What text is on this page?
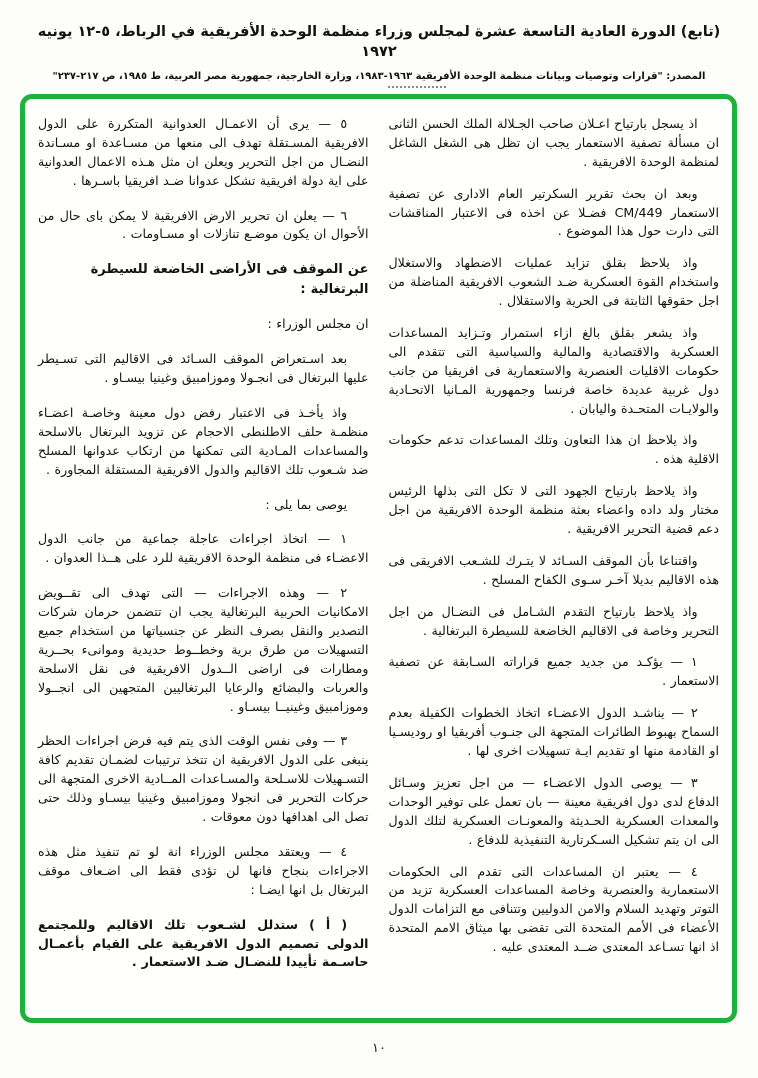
(تابع) الدورة العادية التاسعة عشرة لمجلس وزراء منظمة الوحدة الأفريقية في الرباط، ٥-١٢ يونيه ١٩٧٢
المصدر: "قرارات وتوصيات وبيانات منظمة الوحدة الأفريقية ١٩٦٣-١٩٨٣، وزارة الخارجية، جمهورية مصر العربية، ط ١٩٨٥، ص ٢١٧-٢٣٧"

اذ يسجل بارتياح اعـلان صاحب الجـلالة الملك الحسن الثانى ان مسألة تصفية الاستعمار يجب ان تظل هى الشغل الشاغل لمنظمة الوحدة الافريقية .

وبعد ان بحث تقرير السكرتير العام الادارى عن تصفية الاستعمار CM/449 فضـلا عن اخذه فى الاعتبار المناقشات التى دارت حول هذا الموضوع .

واذ يلاحظ بقلق تزايد عمليات الاضطهاد والاستغلال واستخدام القوة العسكرية ضـد الشعوب الافريقية المناضلة من اجل حقوقها الثابتة فى الحرية والاستقلال .

واذ يشعر بقلق بالغ ازاء استمرار وتـزايد المساعدات العسكرية والاقتصادية والمالية والسياسية التى تتقدم الى حكومات الاقليات العنصرية والاستعمارية فى افريقيا من جانب دول غربية عديدة خاصة فرنسا وجمهورية المـانيا الاتحـادية والولايـات المتحـدة واليابان .

واذ يلاحظ ان هذا التعاون وتلك المساعدات تدعم حكومات الاقلية هذه .

واذ يلاحظ بارتياح الجهود التى لا تكل التى بذلها الرئيس مختار ولد داده واعضاء بعثة منظمة الوحدة الافريقية من اجل دعم قضية التحرير الافريقية .

واقتناعا بأن الموقف السـائد لا يتـرك للشـعب الافريقى فى هذه الاقاليم بديلا آخـر سـوى الكفاح المسلح .

واذ يلاحظ بارتياح التقدم الشـامل فى النضـال من اجل التحرير وخاصة فى الاقاليم الخاضعة للسيطرة البرتغالية .

١ — يؤكـد من جديد جميع قراراته السـابقة عن تصفية الاستعمار .

٢ — يناشـد الدول الاعضـاء اتخاذ الخطوات الكفيلة بعدم السماح بهبوط الطائرات المتجهة الى جنـوب أفريقيا او روديسـيا او القادمة منها او تقديم ايـة تسهيلات اخرى لها .

٣ — يوصى الدول الاعضـاء — من اجل تعزيز وسـائل الدفاع لدى دول افريقية معينة — بان تعمل على توفير الوحدات والمعدات العسكرية الحـديثة والمعونـات العسكرية لتلك الدول الى ان يتم تشكيل السـكرتارية التنفيذية للدفاع .

٤ — يعتبر ان المساعدات التى تقدم الى الحكومات الاستعمارية والعنصرية وخاصة المساعدات العسكرية تزيد من التوتر وتهديد السلام والامن الدوليين وتتنافى مع التزامات الدول الأعضاء فى الأمم المتحدة التى تقضى بها ميثاق الامم المتحدة اذ انها تسـاعد المعتدى ضــد المعتدى عليه .

٥ — يرى أن الاعمـال العدوانية المتكررة على الدول الافريقية المسـتقلة تهدف الى منعها من مسـاعدة او مسـاندة النضـال من اجل التحرير ويعلن ان مثل هـذه الاعمال العدوانية على اية دولة افريقية تشكل عدوانا ضـد افريقيا باسـرها .

٦ — يعلن ان تحرير الارض الافريقية لا يمكن باى حال من الأحوال ان يكون موضـع تنازلات او مسـاومات .

عن الموقف فى الأراضى الخاضعة للسيطرة البرتغالية :

ان مجلس الوزراء :

بعد اسـتعراض الموقف السـائد فى الاقاليم التى تسـيطر عليها البرتغال فى انجـولا وموزامبيق وغينيا بيسـاو .

واذ يأخـذ فى الاعتبار رفض دول معينة وخاصـة اعضـاء منظمـة حلف الاطلنطى الاحجام عن تزويد البرتغال بالاسلحة والمساعدات المـادية التى تمكنها من ارتكاب عدوانها المسلح ضد شـعوب تلك الاقاليم والدول الافريقية المستقلة المجاورة .

يوصى بما يلى :

١ — اتخاذ اجراءات عاجلة جماعية من جانب الدول الاعضـاء فى منظمة الوحدة الافريقية للرد على هــذا العدوان .

٢ — وهذه الاجراءات — التى تهدف الى تقــويض الامكانيات الحربية البرتغالية يجب ان تتضمن حرمان شركات التصدير والنقل بصرف النظر عن جنسياتها من استخدام جميع التسهيلات من طرق برية وخطــوط حديدية وموانىء بحــرية ومطارات فى اراضى الــدول الافريقية فى نقل الاسلحة والعربات والبضائع والرعايا البرتغاليين المتجهين الى انجــولا وموزامبيق وغينيــا بيسـاو .

٣ — وفى نفس الوقت الذى يتم فيه فرض اجراءات الحظر ينبغى على الدول الافريقية ان تتخذ ترتيبات لضمـان تقديم كافة التسـهيلات للاسـلحة والمسـاعدات المــادية الاخرى المتجهة الى حركات التحرير فى انجولا وموزامبيق وغينيا بيسـاو وذلك حتى تصل الى اهدافها دون معوقات .

٤ — ويعتقد مجلس الوزراء انة لو تم تنفيذ مثل هذه الاجراءات بنجاح فانها لن تؤدى فقط الى اضـعاف موقف البرتغال بل انها ايضـا :

( أ ) ستدلل لشـعوب تلك الاقاليم وللمجتمع الدولى تصميم الدول الافريقية على القيام بأعمـال حاسـمة تأييدا للنضـال ضـد الاستعمار .

١٠
